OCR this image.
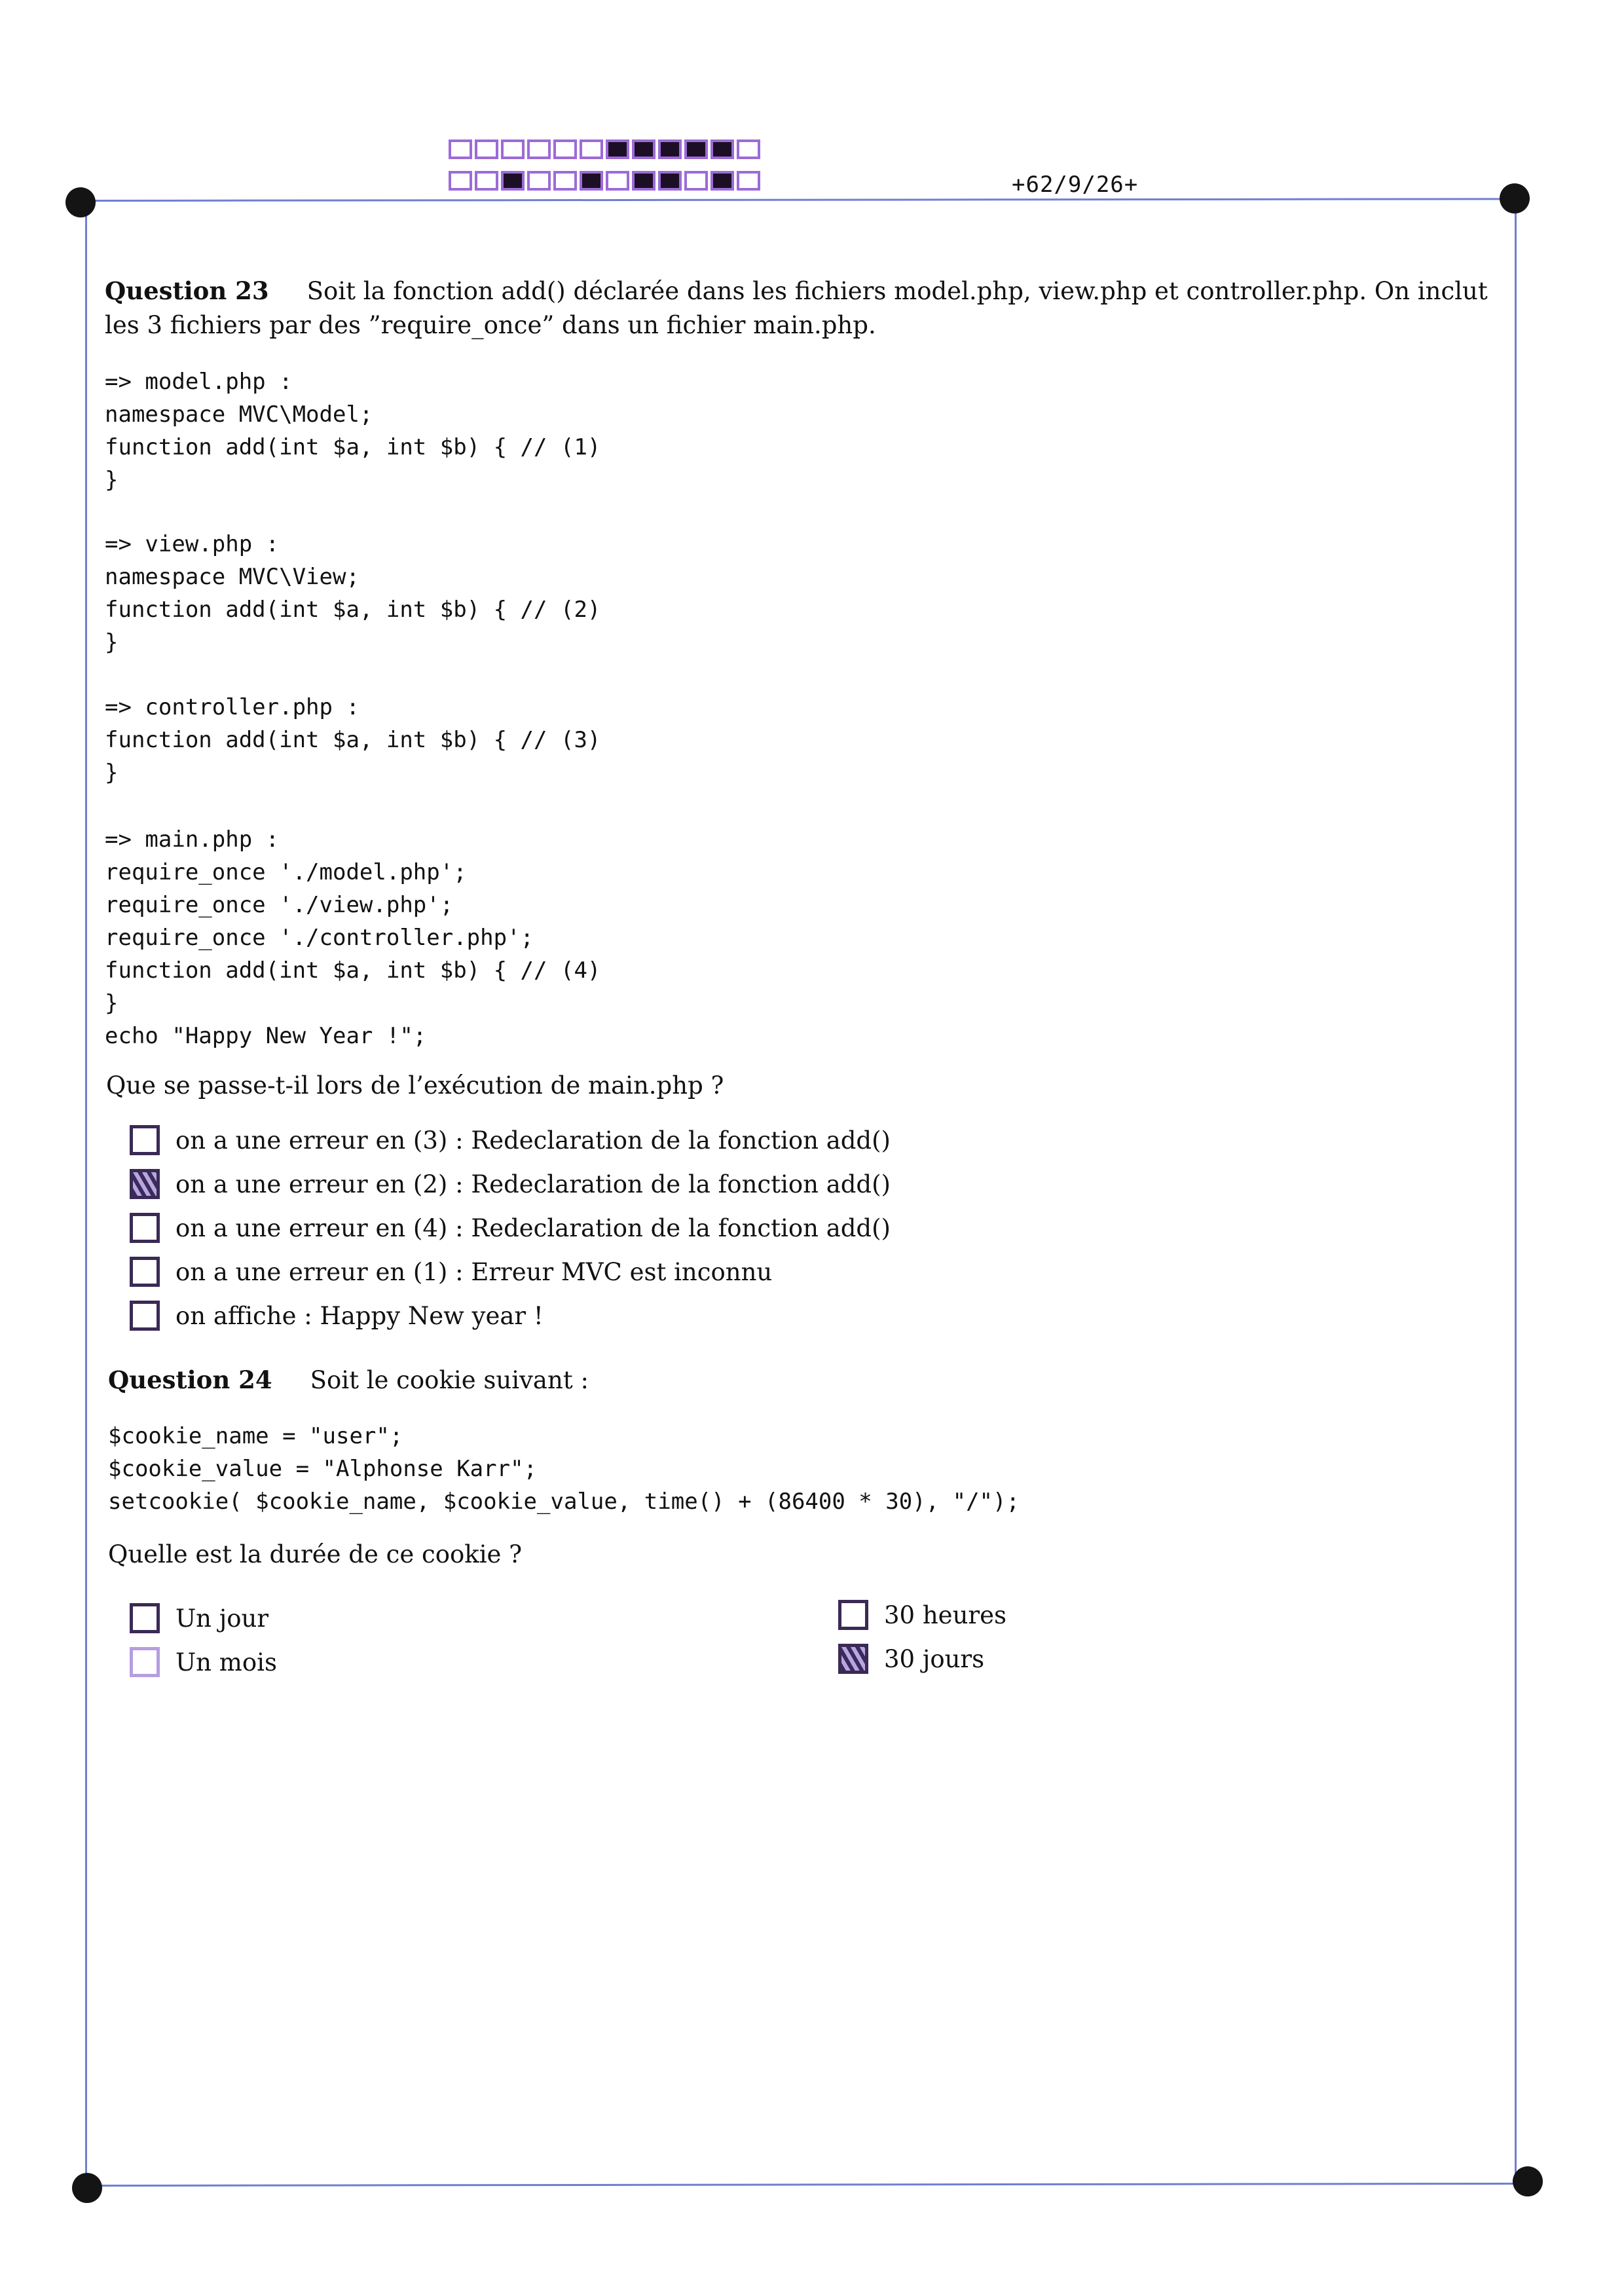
+62/9/26+
Question 23 Soit la fonction add() déclarée dans les fichiers model.php, view.php et controller.php. On inclut les 3 fichiers par des ”require_once” dans un fichier main.php.
=> model.php :
namespace MVC\Model;
function add(int $a, int $b) { // (1)
}
=> view.php :
namespace MVC\View;
function add(int $a, int $b) { // (2)
}
=> controller.php :
function add(int $a, int $b) { // (3)
}
=> main.php :
require_once './model.php';
require_once './view.php';
require_once './controller.php';
function add(int $a, int $b) { // (4)
}
echo "Happy New Year !";
Que se passe-t-il lors de l’exécution de main.php ?
on a une erreur en (3) : Redeclaration de la fonction add()
on a une erreur en (2) : Redeclaration de la fonction add()
on a une erreur en (4) : Redeclaration de la fonction add()
on a une erreur en (1) : Erreur MVC est inconnu
on affiche : Happy New year !
Question 24 Soit le cookie suivant :
$cookie_name = "user";
$cookie_value = "Alphonse Karr";
setcookie( $cookie_name, $cookie_value, time() + (86400 * 30), "/");
Quelle est la durée de ce cookie ?
Un jour
Un mois
30 heures
30 jours
